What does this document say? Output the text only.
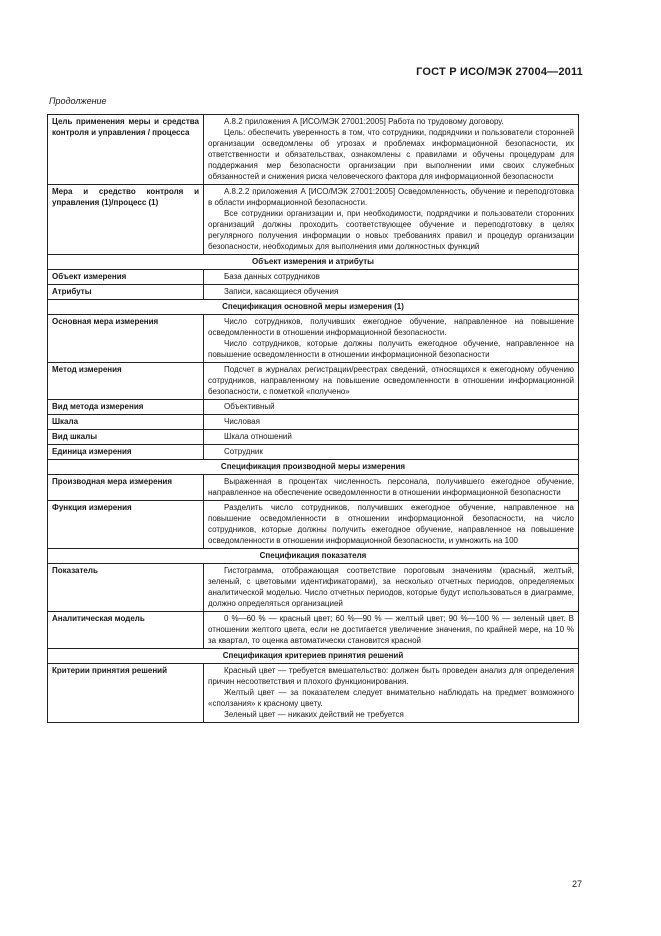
ГОСТ Р ИСО/МЭК 27004—2011
Продолжение
Цель применения меры и средства контроля и управления / процесса	А.8.2 приложения А [ИСО/МЭК 27001:2005] Работа по трудовому договору.

Цель: обеспечить уверенность в том, что сотрудники, подрядчики и пользователи сторонней организации осведомлены об угрозах и проблемах информационной безопасности, их ответственности и обязательствах, ознакомлены с правилами и обучены процедурам для поддержания мер безопасности организации при выполнении ими своих служебных обязанностей и снижения риска человеческого фактора для информационной безопасности

Мера и средство контроля и управления (1)/процесс (1)	А.8.2.2 приложения А [ИСО/МЭК 27001:2005] Осведомленность, обучение и переподготовка в области информационной безопасности.

Все сотрудники организации и, при необходимости, подрядчики и пользователи сторонних организаций должны проходить соответствующее обучение и переподготовку в целях регулярного получения информации о новых требованиях правил и процедур организации безопасности, необходимых для выполнения ими должностных функций

Объект измерения и атрибуты	
Объект измерения	База данных сотрудников

Атрибуты	Записи, касающиеся обучения

Спецификация основной меры измерения (1)	
Основная мера измерения	Число сотрудников, получивших ежегодное обучение, направленное на повышение осведомленности в отношении информационной безопасности.

Число сотрудников, которые должны получить ежегодное обучение, направленное на повышение осведомленности в отношении информационной безопасности

Метод измерения	Подсчет в журналах регистрации/реестрах сведений, относящихся к ежегодному обучению сотрудников, направленному на повышение осведомленности в отношении информационной безопасности, с пометкой «получено»

Вид метода измерения	Объективный

Шкала	Числовая

Вид шкалы	Шкала отношений

Единица измерения	Сотрудник

Спецификация производной меры измерения	
Производная мера измерения	Выраженная в процентах численность персонала, получившего ежегодное обучение, направленное на обеспечение осведомленности в отношении информационной безопасности

Функция измерения	Разделить число сотрудников, получивших ежегодное обучение, направленное на повышение осведомленности в отношении информационной безопасности, на число сотрудников, которые должны получить ежегодное обучение, направленное на повышение осведомленности в отношении информационной безопасности, и умножить на 100

Спецификация показателя	
Показатель	Гистограмма, отображающая соответствие пороговым значениям (красный, желтый, зеленый, с цветовыми идентификаторами), за несколько отчетных периодов, определяемых аналитической моделью. Число отчетных периодов, которые будут использоваться в диаграмме, должно определяться организацией

Аналитическая модель	0 %—60 % — красный цвет; 60 %—90 % — желтый цвет; 90 %—100 % — зеленый цвет. В отношении желтого цвета, если не достигается увеличение значения, по крайней мере, на 10 % за квартал, то оценка автоматически становится красной

Спецификация критериев принятия решений	
Критерии принятия решений	Красный цвет — требуется вмешательство: должен быть проведен анализ для определения причин несоответствия и плохого функционирования.

Желтый цвет — за показателем следует внимательно наблюдать на предмет возможного «сползания» к красному цвету.

Зеленый цвет — никаких действий не требуется

27
